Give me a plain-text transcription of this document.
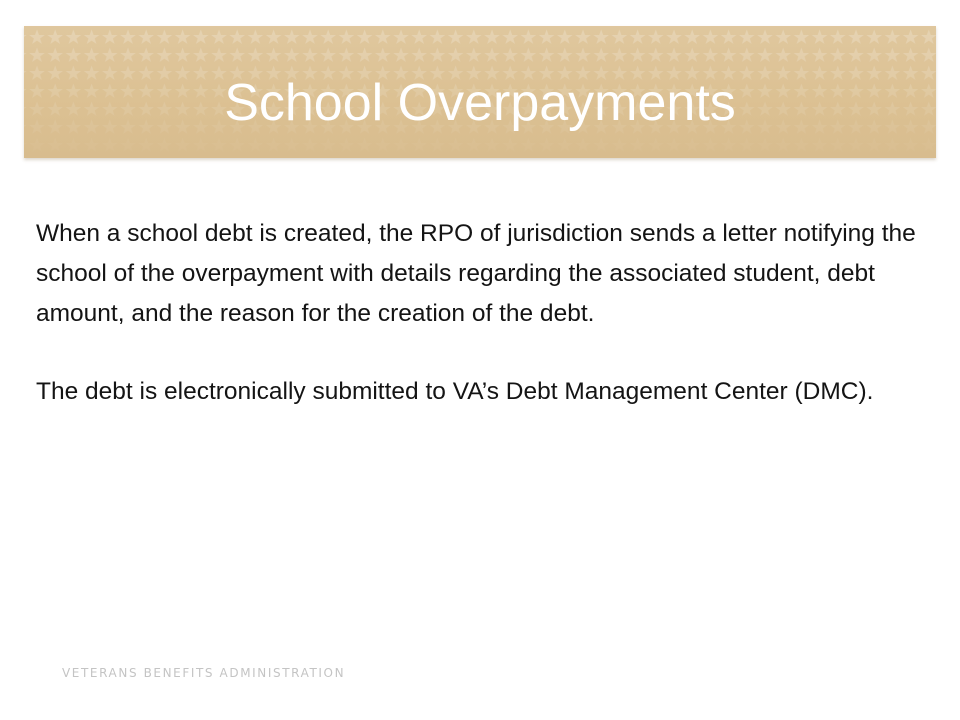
School Overpayments

When a school debt is created, the RPO of jurisdiction sends a letter notifying the school of the overpayment with details regarding the associated student, debt amount, and the reason for the creation of the debt.

The debt is electronically submitted to VA’s Debt Management Center (DMC).

VETERANS BENEFITS ADMINISTRATION
